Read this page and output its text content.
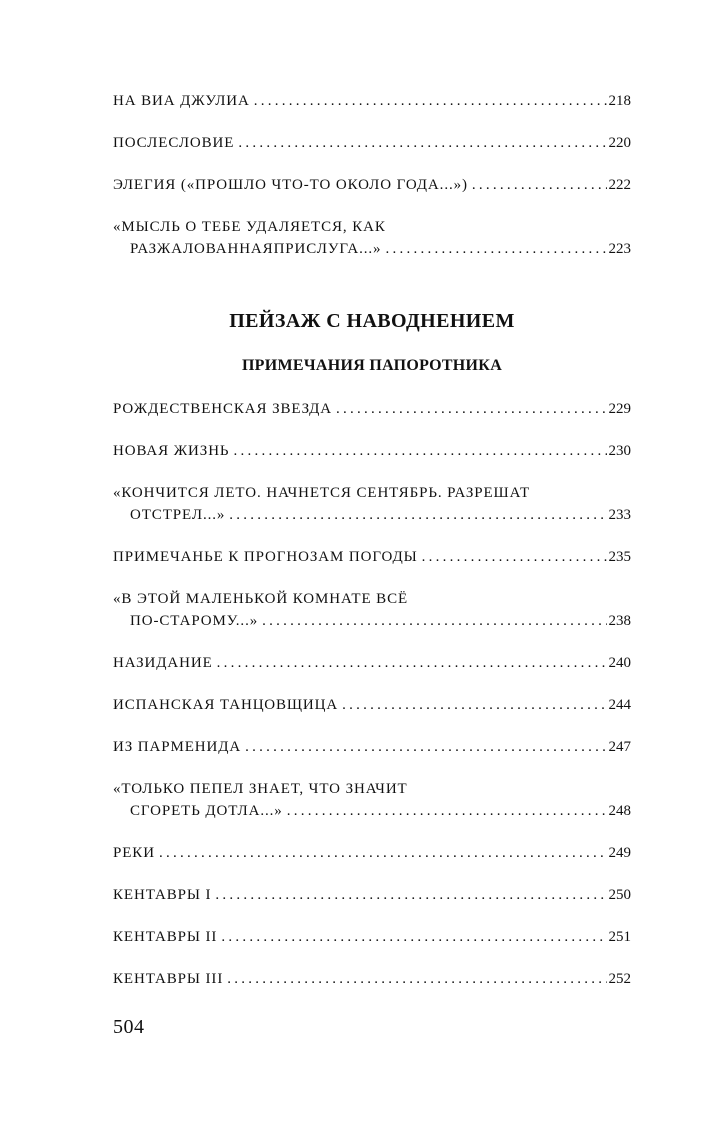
НА ВИА ДЖУЛИА . . .	218
ПОСЛЕСЛОВИЕ . . .	220
ЭЛЕГИЯ («ПРОШЛО ЧТО-ТО ОКОЛО ГОДА...») . . .	222
«МЫСЛЬ О ТЕБЕ УДАЛЯЕТСЯ, КАК
РАЗЖАЛОВАННАЯПРИСЛУГА...» . . .	223
ПЕЙЗАЖ С НАВОДНЕНИЕМ
ПРИМЕЧАНИЯ ПАПОРОТНИКА
РОЖДЕСТВЕНСКАЯ ЗВЕЗДА . . .	229
НОВАЯ ЖИЗНЬ . . .	230
«КОНЧИТСЯ ЛЕТО. НАЧНЕТСЯ СЕНТЯБРЬ. РАЗРЕШАТ
ОТСТРЕЛ...» . . .	233
ПРИМЕЧАНЬЕ К ПРОГНОЗАМ ПОГОДЫ . . .	235
«В ЭТОЙ МАЛЕНЬКОЙ КОМНАТЕ ВСЁ
ПО-СТАРОМУ...» . . .	238
НАЗИДАНИЕ . . .	240
ИСПАНСКАЯ ТАНЦОВЩИЦА . . .	244
ИЗ ПАРМЕНИДА . . .	247
«ТОЛЬКО ПЕПЕЛ ЗНАЕТ, ЧТО ЗНАЧИТ
СГОРЕТЬ ДОТЛА...» . . .	248
РЕКИ . . .	249
КЕНТАВРЫ I . . .	250
КЕНТАВРЫ II . . .	251
КЕНТАВРЫ III . . .	252
504
